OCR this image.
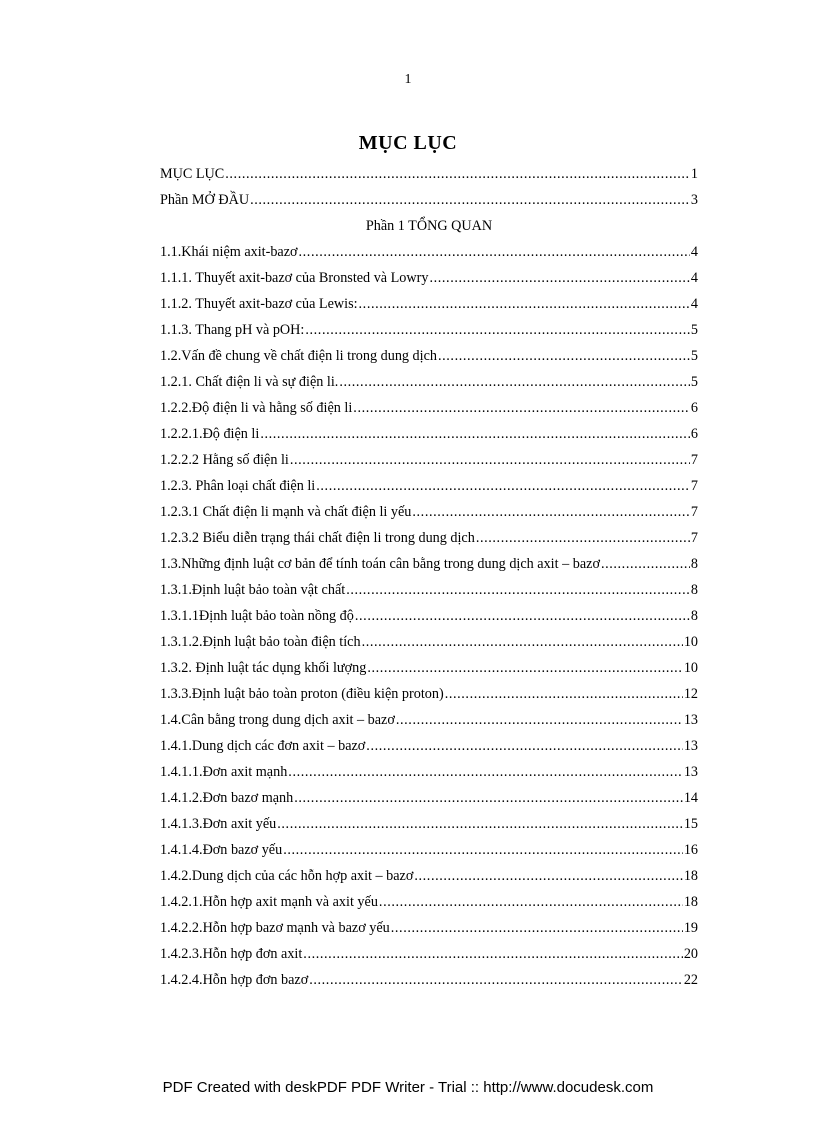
1
MỤC LỤC
MỤC LỤC .....	1
Phần MỞ ĐẦU .....	3
Phần 1 TỔNG QUAN
1.1.Khái niệm axit-bazơ .....	4
1.1.1. Thuyết axit-bazơ của Bronsted và Lowry .....	4
1.1.2. Thuyết axit-bazơ của Lewis: .....	4
1.1.3. Thang pH và pOH: .....	5
1.2.Vấn đề chung về chất điện li trong dung dịch .....	5
1.2.1. Chất điện li và sự điện li. .....	5
1.2.2.Độ điện li và hằng số điện li .....	6
1.2.2.1.Độ điện li .....	6
1.2.2.2 Hằng số điện li .....	7
1.2.3. Phân loại chất điện li .....	7
1.2.3.1 Chất điện li mạnh và chất điện li yếu .....	7
1.2.3.2 Biểu diễn trạng thái chất điện li trong dung dịch .....	7
1.3.Những định luật cơ bản để tính toán cân bằng trong dung dịch axit – bazơ .....	8
1.3.1.Định luật bảo toàn vật chất .....	8
1.3.1.1Định luật bảo toàn nồng độ .....	8
1.3.1.2.Định luật bảo toàn điện tích .....	10
1.3.2. Định luật tác dụng khối lượng .....	10
1.3.3.Định luật bảo toàn proton (điều kiện proton) .....	12
1.4.Cân bằng trong dung dịch axit – bazơ .....	13
1.4.1.Dung dịch các đơn axit – bazơ .....	13
1.4.1.1.Đơn axit mạnh .....	13
1.4.1.2.Đơn bazơ mạnh .....	14
1.4.1.3.Đơn axit yếu .....	15
1.4.1.4.Đơn bazơ yếu .....	16
1.4.2.Dung dịch của các hỗn hợp axit – bazơ .....	18
1.4.2.1.Hỗn hợp axit mạnh và axit yếu .....	18
1.4.2.2.Hỗn hợp bazơ mạnh và bazơ yếu .....	19
1.4.2.3.Hỗn hợp đơn axit .....	20
1.4.2.4.Hỗn hợp đơn bazơ .....	22
PDF Created with deskPDF PDF Writer - Trial :: http://www.docudesk.com
